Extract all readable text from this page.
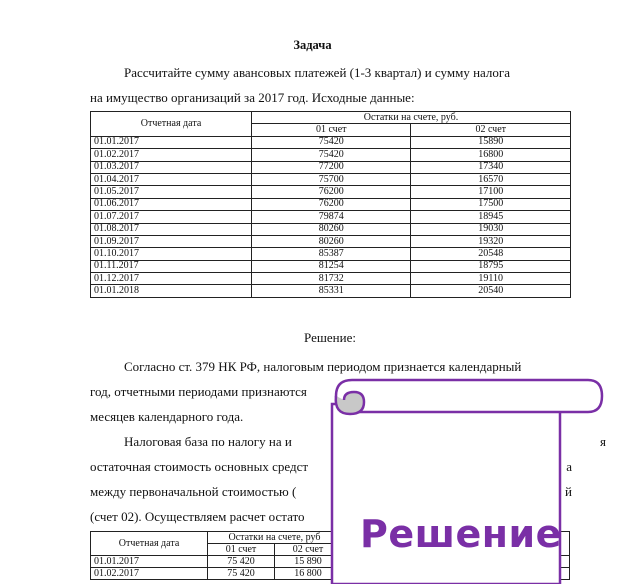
Задача
Рассчитайте сумму авансовых платежей (1-3 квартал) и сумму налога
на имущество организаций за 2017 год. Исходные данные:
Отчетная дата	Остатки на счете, руб.	
	01 счет	02 счет
01.01.2017	75420	15890
01.02.2017	75420	16800
01.03.2017	77200	17340
01.04.2017	75700	16570
01.05.2017	76200	17100
01.06.2017	76200	17500
01.07.2017	79874	18945
01.08.2017	80260	19030
01.09.2017	80260	19320
01.10.2017	85387	20548
01.11.2017	81254	18795
01.12.2017	81732	19110
01.01.2018	85331	20540
Решение:
Согласно ст. 379 НК РФ, налоговым периодом признается календарный
год, отчетными периодами признаются
месяцев календарного года.
Налоговая база по налогу на и	я
остаточная стоимость основных средст	а
между первоначальной стоимостью (	й
(счет 02). Осуществляем расчет остато
Отчетная дата	Остатки на счете, руб		
	01 счет	02 счет	
01.01.2017	75 420	15 890	
01.02.2017	75 420	16 800	
Решение
